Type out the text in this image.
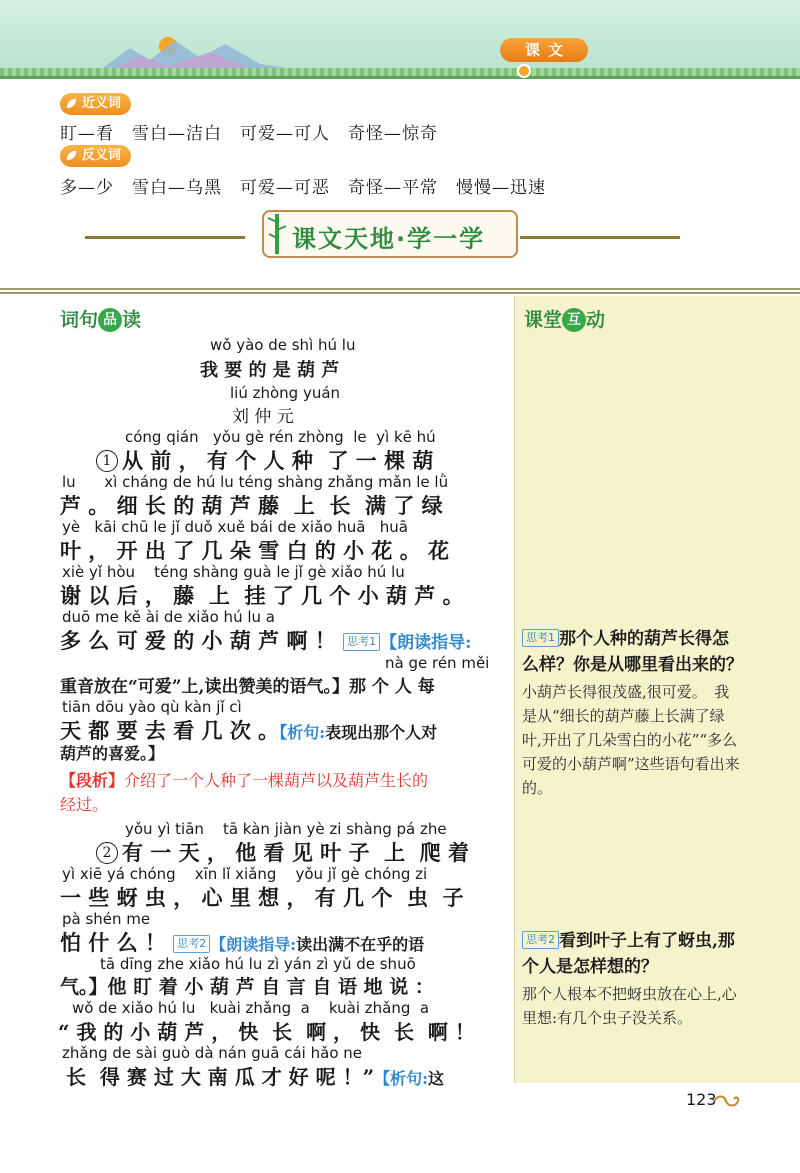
课文
近义词
盯—看　雪白—洁白　可爱—可人　奇怪—惊奇
反义词
多—少　雪白—乌黑　可爱—可恶　奇怪—平常　慢慢—迅速
课文天地·学一学
词句 品 读	课堂 互 动
wǒ yào de shì hú lu
我 要 的 是 葫 芦
liú zhòng yuán
刘 仲 元
cóng qián   yǒu gè rén zhòng  le  yì kē hú
1 从 前 ， 有 个 人 种  了 一 棵 葫
lu      xì cháng de hú lu téng shàng zhǎng mǎn le lǜ
芦 。 细 长 的 葫 芦 藤  上  长  满 了 绿
yè   kāi chū le jǐ duǒ xuě bái de xiǎo huā   huā
叶 ， 开 出 了 几 朵 雪 白 的 小 花 。 花
xiè yǐ hòu    téng shàng guà le jǐ gè xiǎo hú lu
谢 以 后 ， 藤  上  挂 了 几 个 小 葫 芦 。
duō me kě ài de xiǎo hú lu a
多 么 可 爱 的 小 葫 芦 啊 ！ 思考1 【朗读指导:
nà ge rén měi
重音放在“可爱”上,读出赞美的语气。】那 个 人 每
tiān dōu yào qù kàn jǐ cì
天 都 要 去 看 几 次 。【析句:表现出那个人对
葫芦的喜爱。】
【段析】介绍了一个人种了一棵葫芦以及葫芦生长的
经过。
yǒu yì tiān    tā kàn jiàn yè zi shàng pá zhe
2 有 一 天 ， 他 看 见 叶 子  上  爬 着
yì xiē yá chóng    xīn lǐ xiǎng    yǒu jǐ gè chóng zi
一 些 蚜 虫 ， 心 里 想 ， 有 几 个  虫  子
pà shén me
怕 什 么 ！ 思考2 【朗读指导:读出满不在乎的语
tā dīng zhe xiǎo hú lu zì yán zì yǔ de shuō
气。】他 盯 着 小 葫 芦 自 言 自 语 地 说 ：
wǒ de xiǎo hú lu   kuài zhǎng  a    kuài zhǎng  a
“ 我 的 小 葫 芦 ， 快  长  啊 ， 快  长  啊 ！
zhǎng de sài guò dà nán guā cái hǎo ne
长  得 赛 过 大 南 瓜 才 好 呢 ！”【析句:这
思考1 那个人种的葫芦长得怎么样？你是从哪里看出来的？
小葫芦长得很茂盛,很可爱。　我是从“细长的葫芦藤上长满了绿叶,开出了几朵雪白的小花”“多么可爱的小葫芦啊”这些语句看出来的。
思考2 看到叶子上有了蚜虫,那个人是怎样想的？
那个人根本不把蚜虫放在心上,心里想:有几个虫子没关系。
123
